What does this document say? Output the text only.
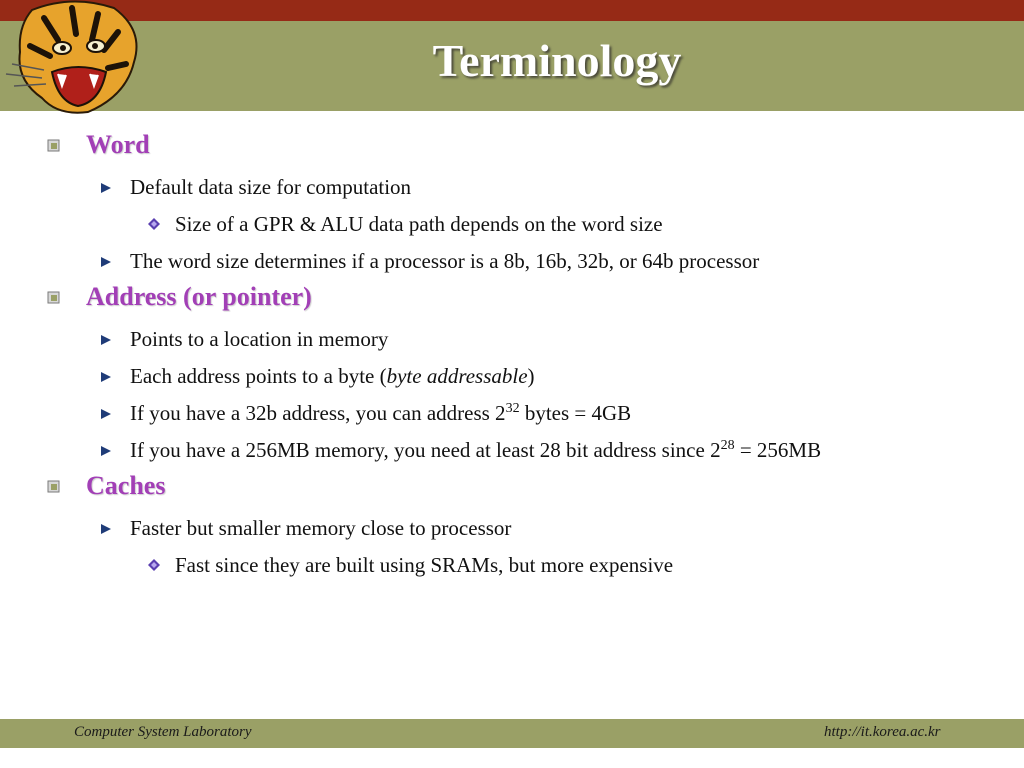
Terminology
Word
Default data size for computation
Size of a GPR & ALU data path depends on the word size
The word size determines if a processor is a 8b, 16b, 32b, or 64b processor
Address (or pointer)
Points to a location in memory
Each address points to a byte (byte addressable)
If you have a 32b address, you can address $2^{32}$ bytes = 4GB
If you have a 256MB memory, you need at least 28 bit address since $2^{28} = 256MB$
Caches
Faster but smaller memory close to processor
Fast since they are built using SRAMs, but more expensive
Computer System Laboratory	http://it.korea.ac.kr
